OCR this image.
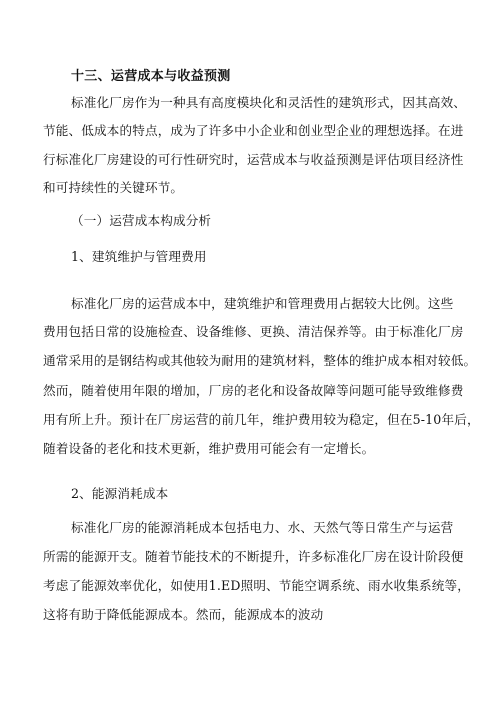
十三、运营成本与收益预测
标准化厂房作为一种具有高度模块化和灵活性的建筑形式，因其高效、
节能、低成本的特点，成为了许多中小企业和创业型企业的理想选择。在进
行标准化厂房建设的可行性研究时，运营成本与收益预测是评估项目经济性
和可持续性的关键环节。
（一）运营成本构成分析
1、建筑维护与管理费用
标准化厂房的运营成本中，建筑维护和管理费用占据较大比例。这些
费用包括日常的设施检查、设备维修、更换、清洁保养等。由于标准化厂房
通常采用的是钢结构或其他较为耐用的建筑材料，整体的维护成本相对较低。
然而，随着使用年限的增加，厂房的老化和设备故障等问题可能导致维修费
用有所上升。预计在厂房运营的前几年，维护费用较为稳定，但在5-10年后，
随着设备的老化和技术更新，维护费用可能会有一定增长。
2、能源消耗成本
标准化厂房的能源消耗成本包括电力、水、天然气等日常生产与运营
所需的能源开支。随着节能技术的不断提升，许多标准化厂房在设计阶段便
考虑了能源效率优化，如使用1.ED照明、节能空调系统、雨水收集系统等，
这将有助于降低能源成本。然而，能源成本的波动
